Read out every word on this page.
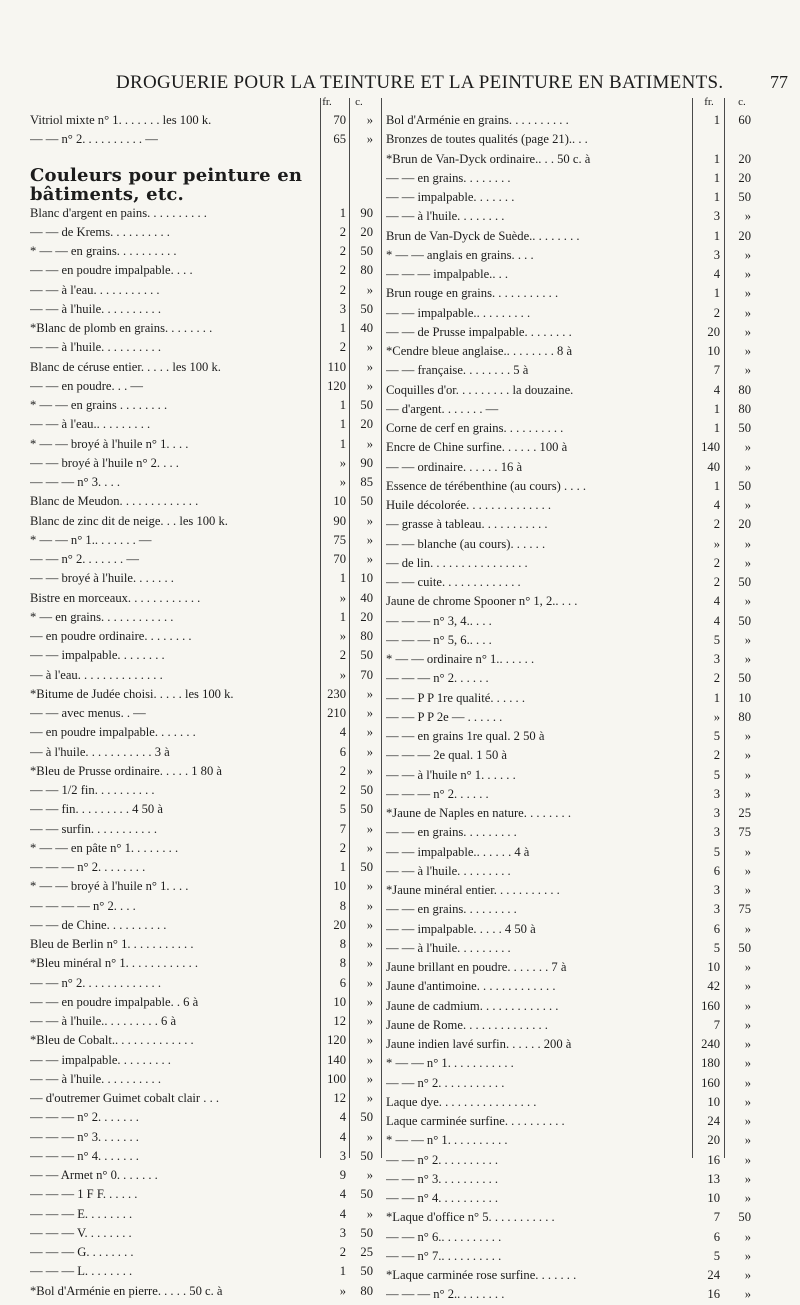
DROGUERIE POUR LA TEINTURE ET LA PEINTURE EN BATIMENTS.	77
fr.	c.
Vitriol mixte n° 1. . . . . . . les 100 k.	70	»
— — n° 2. . . . . . . . . . —	65	»
Couleurs pour peinture en bâtiments, etc.
Blanc d'argent en pains. . . . . . . . . .	1	90
— — de Krems. . . . . . . . . .	2	20
* — — en grains. . . . . . . . . .	2	50
— — en poudre impalpable. . . .	2	80
— — à l'eau. . . . . . . . . . .	2	»
— — à l'huile. . . . . . . . . .	3	50
*Blanc de plomb en grains. . . . . . . .	1	40
— — à l'huile. . . . . . . . . .	2	»
Blanc de céruse entier. . . . . les 100 k.	110	»
— — en poudre. . . —	120	»
* — — en grains . . . . . . . .	1	50
— — à l'eau.. . . . . . . . .	1	20
* — — broyé à l'huile n° 1. . . .	1	»
— — broyé à l'huile n° 2. . . .	»	90
— — — n° 3. . . .	»	85
Blanc de Meudon. . . . . . . . . . . . .	10	50
Blanc de zinc dit de neige. . . les 100 k.	90	»
* — — n° 1.. . . . . . . —	75	»
— — n° 2. . . . . . . —	70	»
— — broyé à l'huile. . . . . . .	1	10
Bistre en morceaux. . . . . . . . . . . .	»	40
* — en grains. . . . . . . . . . . .	1	20
— en poudre ordinaire. . . . . . . .	»	80
— — impalpable. . . . . . . .	2	50
— à l'eau. . . . . . . . . . . . . .	»	70
*Bitume de Judée choisi. . . . . les 100 k.	230	»
— — avec menus. . —	210	»
— en poudre impalpable. . . . . . .	4	»
— à l'huile. . . . . . . . . . . 3 à	6	»
*Bleu de Prusse ordinaire. . . . . 1 80 à	2	»
— — 1/2 fin. . . . . . . . . .	2	50
— — fin. . . . . . . . . 4 50 à	5	50
— — surfin. . . . . . . . . . .	7	»
* — — en pâte n° 1. . . . . . . .	2	»
— — — n° 2. . . . . . . .	1	50
* — — broyé à l'huile n° 1. . . .	10	»
— — — — n° 2. . . .	8	»
— — de Chine. . . . . . . . . .	20	»
Bleu de Berlin n° 1. . . . . . . . . . .	8	»
*Bleu minéral n° 1. . . . . . . . . . . .	8	»
— — n° 2. . . . . . . . . . . . .	6	»
— — en poudre impalpable. . 6 à	10	»
— — à l'huile.. . . . . . . . . 6 à	12	»
*Bleu de Cobalt.. . . . . . . . . . . . .	120	»
— — impalpable. . . . . . . . .	140	»
— — à l'huile. . . . . . . . . .	100	»
— d'outremer Guimet cobalt clair . . .	12	»
— — — n° 2. . . . . . .	4	50
— — — n° 3. . . . . . .	4	»
— — — n° 4. . . . . . .	3	50
— — Armet n° 0. . . . . . .	9	»
— — — 1 F F. . . . . .	4	50
— — — E. . . . . . . .	4	»
— — — V. . . . . . . .	3	50
— — — G. . . . . . . .	2	25
— — — L. . . . . . . .	1	50
*Bol d'Arménie en pierre. . . . . 50 c. à	»	80
fr.	c.
Bol d'Arménie en grains. . . . . . . . . .	1	60
Bronzes de toutes qualités (page 21).. . .
*Brun de Van-Dyck ordinaire.. . . 50 c. à	1	20
— — en grains. . . . . . . .	1	20
— — impalpable. . . . . . .	1	50
— — à l'huile. . . . . . . .	3	»
Brun de Van-Dyck de Suède.. . . . . . . .	1	20
* — — anglais en grains. . . .	3	»
— — — impalpable.. . .	4	»
Brun rouge en grains. . . . . . . . . . .	1	»
— — impalpable.. . . . . . . . .	2	»
— — de Prusse impalpable. . . . . . . .	20	»
*Cendre bleue anglaise.. . . . . . . . 8 à	10	»
— — française. . . . . . . . 5 à	7	»
Coquilles d'or. . . . . . . . . la douzaine.	4	80
— d'argent. . . . . . . —	1	80
Corne de cerf en grains. . . . . . . . . .	1	50
Encre de Chine surfine. . . . . . 100 à	140	»
— — ordinaire. . . . . . 16 à	40	»
Essence de térébenthine (au cours) . . . .	1	50
Huile décolorée. . . . . . . . . . . . . .	4	»
— grasse à tableau. . . . . . . . . . .	2	20
— — blanche (au cours). . . . . .	»	»
— de lin. . . . . . . . . . . . . . . .	2	»
— — cuite. . . . . . . . . . . . .	2	50
Jaune de chrome Spooner n° 1, 2.. . . .	4	»
— — — n° 3, 4.. . . .	4	50
— — — n° 5, 6.. . . .	5	»
* — — ordinaire n° 1.. . . . . .	3	»
— — — n° 2. . . . . .	2	50
— — P P 1re qualité. . . . . .	1	10
— — P P 2e — . . . . . .	»	80
— — en grains 1re qual. 2 50 à	5	»
— — — 2e qual. 1 50 à	2	»
— — à l'huile n° 1. . . . . .	5	»
— — — n° 2. . . . . .	3	»
*Jaune de Naples en nature. . . . . . . .	3	25
— — en grains. . . . . . . . .	3	75
— — impalpable.. . . . . . 4 à	5	»
— — à l'huile. . . . . . . . .	6	»
*Jaune minéral entier. . . . . . . . . . .	3	»
— — en grains. . . . . . . . .	3	75
— — impalpable. . . . . 4 50 à	6	»
— — à l'huile. . . . . . . . .	5	50
Jaune brillant en poudre. . . . . . . 7 à	10	»
Jaune d'antimoine. . . . . . . . . . . . .	42	»
Jaune de cadmium. . . . . . . . . . . . .	160	»
Jaune de Rome. . . . . . . . . . . . . .	7	»
Jaune indien lavé surfin. . . . . . 200 à	240	»
* — — n° 1. . . . . . . . . . .	180	»
— — n° 2. . . . . . . . . . .	160	»
Laque dye. . . . . . . . . . . . . . . .	10	»
Laque carminée surfine. . . . . . . . . .	24	»
* — — n° 1. . . . . . . . . .	20	»
— — n° 2. . . . . . . . . .	16	»
— — n° 3. . . . . . . . . .	13	»
— — n° 4. . . . . . . . . .	10	»
*Laque d'office n° 5. . . . . . . . . . .	7	50
— — n° 6.. . . . . . . . . .	6	»
— — n° 7.. . . . . . . . . .	5	»
*Laque carminée rose surfine. . . . . . .	24	»
— — — n° 2.. . . . . . . .	16	»
